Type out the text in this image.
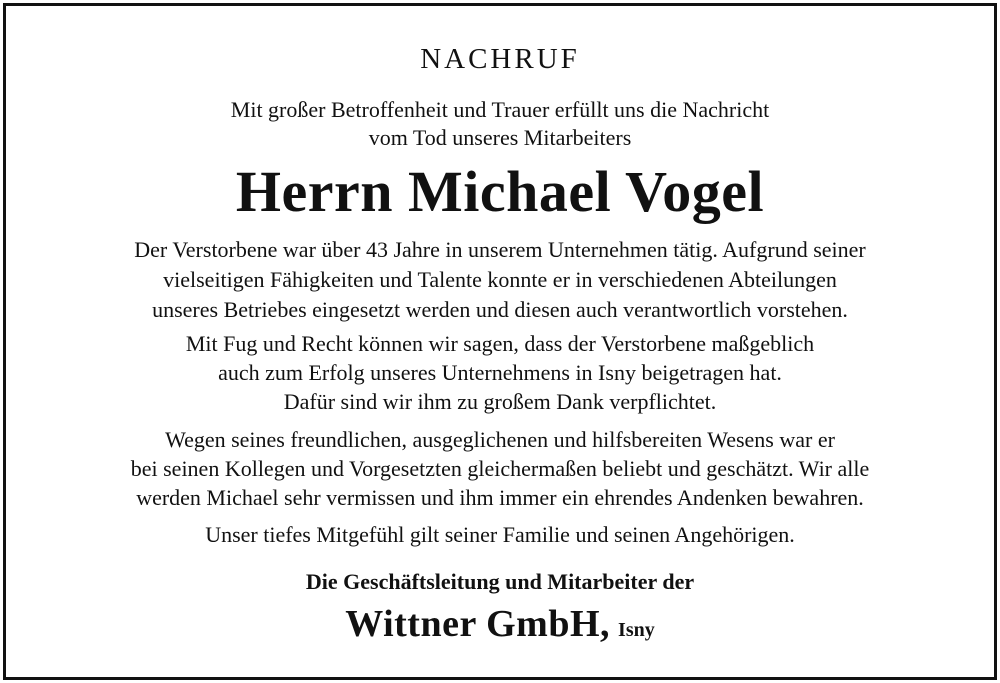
NACHRUF
Mit großer Betroffenheit und Trauer erfüllt uns die Nachricht
vom Tod unseres Mitarbeiters
Herrn Michael Vogel
Der Verstorbene war über 43 Jahre in unserem Unternehmen tätig. Aufgrund seiner
vielseitigen Fähigkeiten und Talente konnte er in verschiedenen Abteilungen
unseres Betriebes eingesetzt werden und diesen auch verantwortlich vorstehen.
Mit Fug und Recht können wir sagen, dass der Verstorbene maßgeblich
auch zum Erfolg unseres Unternehmens in Isny beigetragen hat.
Dafür sind wir ihm zu großem Dank verpflichtet.
Wegen seines freundlichen, ausgeglichenen und hilfsbereiten Wesens war er
bei seinen Kollegen und Vorgesetzten gleichermaßen beliebt und geschätzt. Wir alle
werden Michael sehr vermissen und ihm immer ein ehrendes Andenken bewahren.
Unser tiefes Mitgefühl gilt seiner Familie und seinen Angehörigen.
Die Geschäftsleitung und Mitarbeiter der
Wittner GmbH, Isny
